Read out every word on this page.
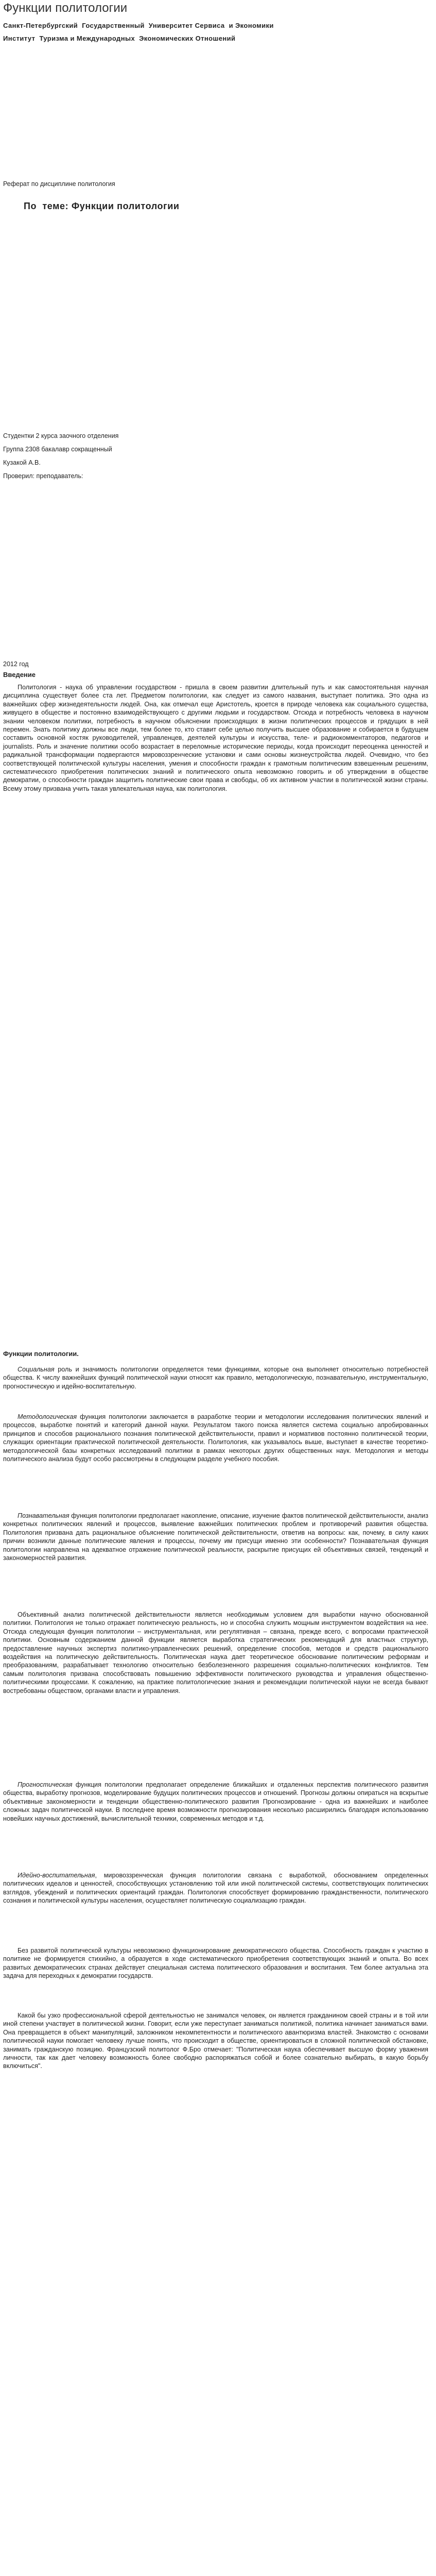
Функции политологии
Санкт-Петербургский  Государственный  Университет Сервиса  и Экономики
Институт  Туризма и Международных  Экономических Отношений
Реферат по дисциплине политология
По  теме: Функции политологии
Студентки 2 курса заочного отделения
Группа 2308 бакалавр сокращенный
Кузакой А.В.
Проверил: преподаватель:
2012 год
Введение

Политология - наука об управлении государством - пришла в своем развитии длительный путь и как самостоятельная научная дисциплина существует более ста лет. Предметом политологии, как следует из самого названия, выступает политика. Это одна из важнейших сфер жизнедеятельности людей. Она, как отмечал еще Аристотель, кроется в природе человека как социального существа, живущего в обществе и постоянно взаимодействующего с другими людьми и государством. Отсюда и потребность человека в научном знании человеком политики, потребность в научном объяснении происходящих в жизни политических процессов и грядущих в ней перемен. Знать политику должны все люди, тем более то, кто ставит себе целью получить высшее образование и собирается в будущем составить основной костяк руководителей, управленцев, деятелей культуры и искусства, теле- и радиокомментаторов, педагогов и journalists. Роль и значение политики особо возрастает в переломные исторические периоды, когда происходит переоценка ценностей и радикальной трансформации подвергаются мировоззренческие установки и сами основы жизнеустройства людей. Очевидно, что без соответствующей политической культуры населения, умения и способности граждан к грамотным политическим взвешенным решениям, систематического приобретения политических знаний и политического опыта невозможно говорить и об утверждении в обществе демократии, о способности граждан защитить политические свои права и свободы, об их активном участии в политической жизни страны. Всему этому призвана учить такая увлекательная наука, как политология.

Функции политологии.

Социальная роль и значимость политологии определяется теми функциями, которые она выполняет относительно потребностей общества. К числу важнейших функций политической науки относят как правило, методологическую, познавательную, инструментальную, прогностическую и идейно-воспитательную.

Методологическая функция политологии заключается в разработке теории и методологии исследования политических явлений и процессов, выработке понятий и категорий данной науки. Результатом такого поиска является система социально апробированных принципов и способов рационального познания политической действительности, правил и нормативов постоянно политической теории, служащих ориентации практической политической деятельности. Политология, как указывалось выше, выступает в качестве теоретико-методологической базы конкретных исследований политики в рамках некоторых других общественных наук. Методология и методы политического анализа будут особо рассмотрены в следующем разделе учебного пособия.

Познавательная функция политологии предполагает накопление, описание, изучение фактов политической действительности, анализ конкретных политических явлений и процессов, выявление важнейших политических проблем и противоречий развития общества. Политология призвана дать рациональное объяснение политической действительности, ответив на вопросы: как, почему, в силу каких причин возникли данные политические явления и процессы, почему им присущи именно эти особенности? Познавательная функция политологии направлена на адекватное отражение политической реальности, раскрытие присущих ей объективных связей, тенденций и закономерностей развития.

Объективный анализ политической действительности является необходимым условием для выработки научно обоснованной политики. Политология не только отражает политическую реальность, но и способна служить мощным инструментом воздействия на нее. Отсюда следующая функция политологии – инструментальная, или регулятивная – связана, прежде всего, с вопросами практической политики. Основным содержанием данной функции является выработка стратегических рекомендаций для властных структур, предоставление научных экспертиз политико-управленческих решений, определение способов, методов и средств рационального воздействия на политическую действительность. Политическая наука дает теоретическое обоснование политическим реформам и преобразованиям, разрабатывает технологию относительно безболезненного разрешения социально-политических конфликтов. Тем самым политология призвана способствовать повышению эффективности политического руководства и управления общественно-политическими процессами. К сожалению, на практике политологические знания и рекомендации политической науки не всегда бывают востребованы обществом, органами власти и управления.

Прогностическая функция политологии предполагает определение ближайших и отдаленных перспектив политического развития общества, выработку прогнозов, моделирование будущих политических процессов и отношений. Прогнозы должны опираться на вскрытые объективные закономерности и тенденции общественно-политического развития Прогнозирование - одна из важнейших и наиболее сложных задач политической науки. В последнее время возможности прогнозирования несколько расширились благодаря использованию новейших научных достижений, вычислительной техники, современных методов и т.д.

Идейно-воспитательная, мировоззренческая функция политологии связана с выработкой, обоснованием определенных политических идеалов и ценностей, способствующих установлению той или иной политической системы, соответствующих политических взглядов, убеждений и политических ориентаций граждан. Политология способствует формированию гражданственности, политического сознания и политической культуры населения, осуществляет политическую социализацию граждан.

Без развитой политической культуры невозможно функционирование демократического общества. Способность граждан к участию в политике не формируется стихийно, а образуется в ходе систематического приобретения соответствующих знаний и опыта. Во всех развитых демократических странах действует специальная система политического образования и воспитания. Тем более актуальна эта задача для переходных к демократии государств.

Какой бы узко профессиональной сферой деятельностью не занимался человек, он является гражданином своей страны и в той или иной степени участвует в политической жизни. Говорит, если уже переступает заниматься политикой, политика начинает заниматься вами. Она превращается в объект манипуляций, заложником некомпетентности и политического авантюризма властей. Знакомство с основами политической науки помогает человеку лучше понять, что происходит в обществе, ориентироваться в сложной политической обстановке, занимать гражданскую позицию. Французский политолог Ф.Бро отмечает: "Политическая наука обеспечивает высшую форму уважения личности, так как дает человеку возможность более свободно распоряжаться собой и более сознательно выбирать, в какую борьбу включиться".
